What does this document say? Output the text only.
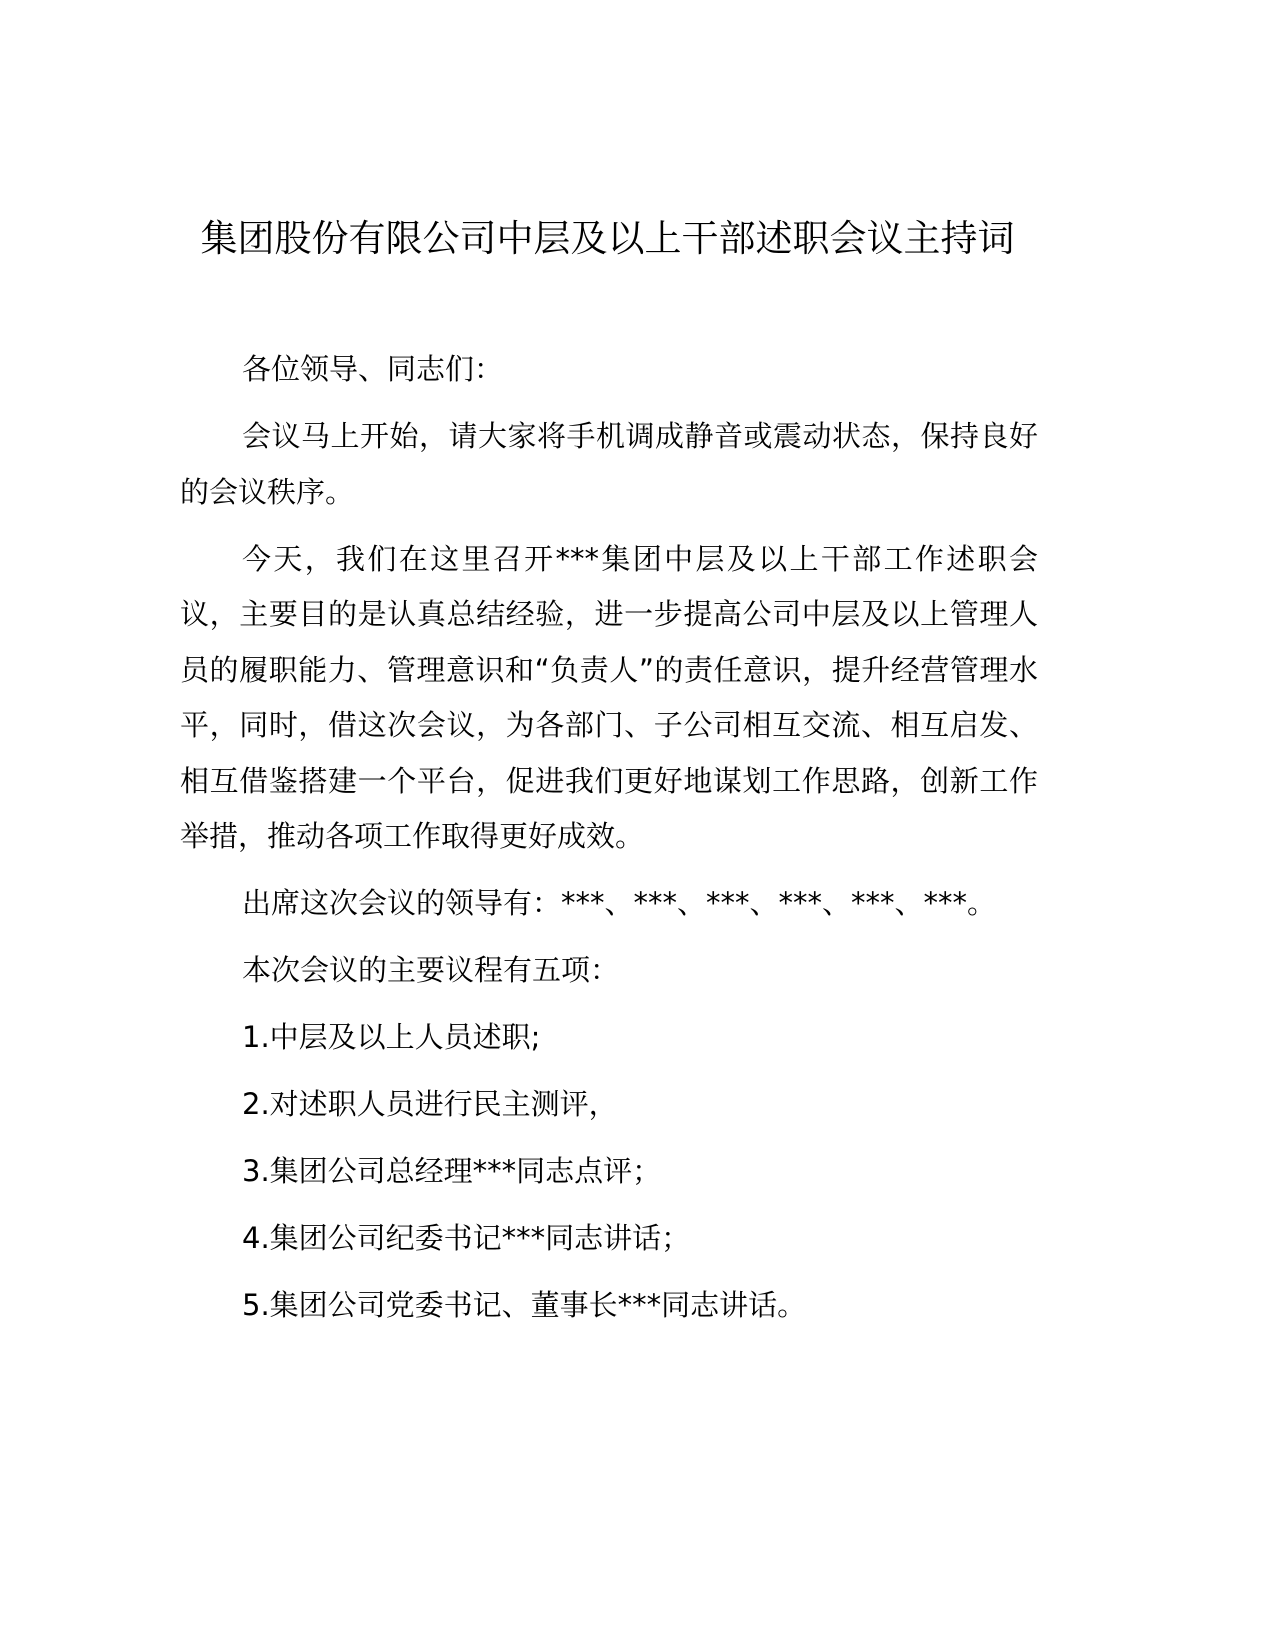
集团股份有限公司中层及以上干部述职会议主持词

各位领导、同志们：

会议马上开始，请大家将手机调成静音或震动状态，保持良好的会议秩序。

今天，我们在这里召开***集团中层及以上干部工作述职会议，主要目的是认真总结经验，进一步提高公司中层及以上管理人员的履职能力、管理意识和“负责人”的责任意识，提升经营管理水平，同时，借这次会议，为各部门、子公司相互交流、相互启发、相互借鉴搭建一个平台，促进我们更好地谋划工作思路，创新工作举措，推动各项工作取得更好成效。

出席这次会议的领导有：***、***、***、***、***、***。

本次会议的主要议程有五项：

1.中层及以上人员述职;

2.对述职人员进行民主测评，

3.集团公司总经理***同志点评；

4.集团公司纪委书记***同志讲话；

5.集团公司党委书记、董事长***同志讲话。
